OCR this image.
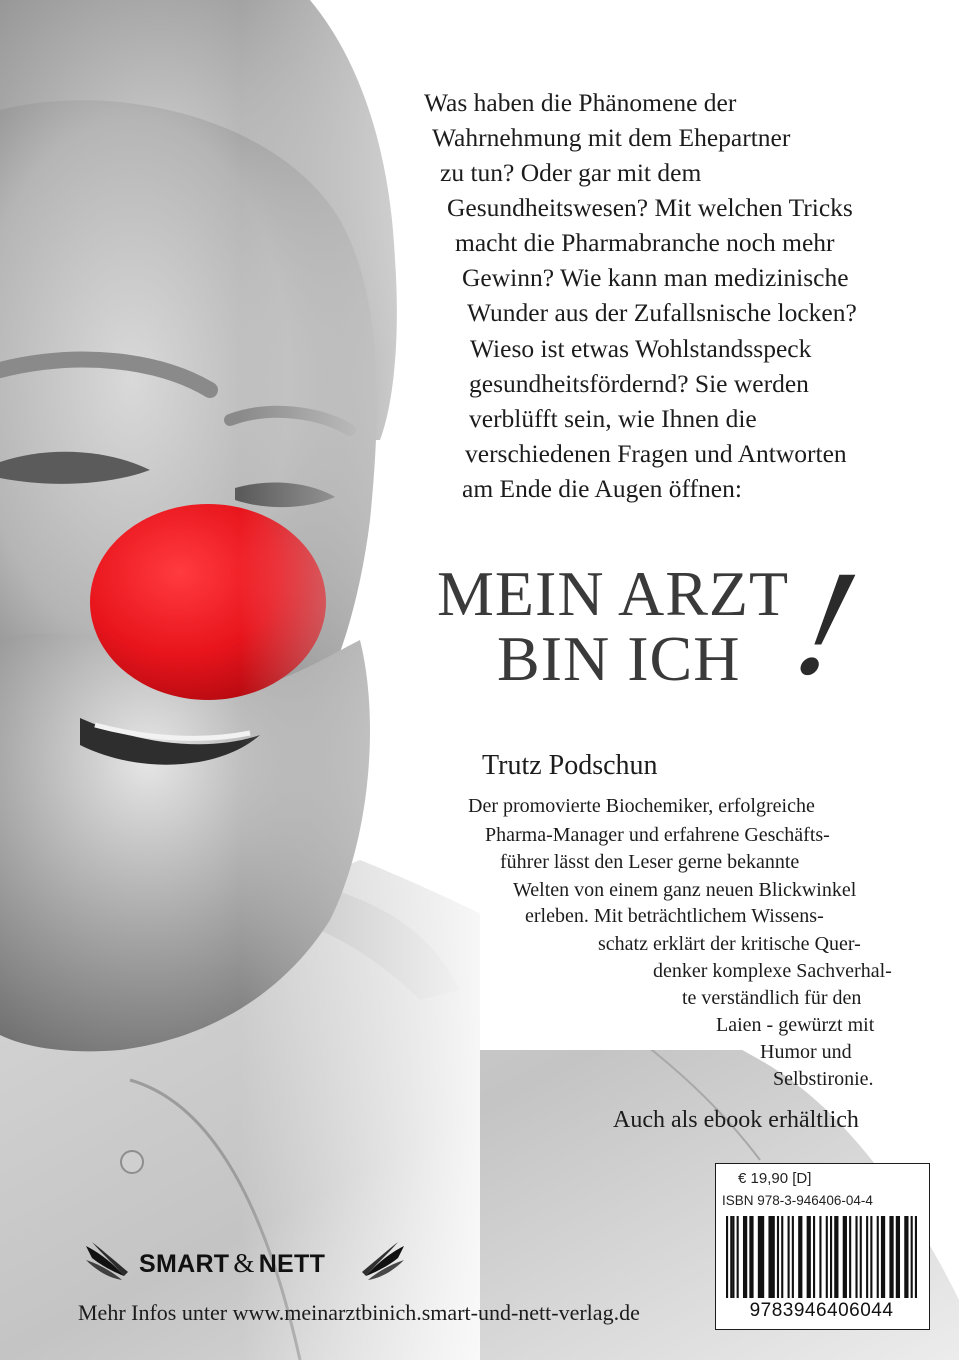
Was haben die Phänomene der
Wahrnehmung mit dem Ehepartner
zu tun? Oder gar mit dem
Gesundheitswesen? Mit welchen Tricks
macht die Pharmabranche noch mehr
Gewinn? Wie kann man medizinische
Wunder aus der Zufallsnische locken?
Wieso ist etwas Wohlstandsspeck
gesundheitsfördernd? Sie werden
verblüfft sein, wie Ihnen die
verschiedenen Fragen und Antworten
am Ende die Augen öffnen:
MEIN ARZT
BIN ICH !
Trutz Podschun
Der promovierte Biochemiker, erfolgreiche
Pharma-Manager und erfahrene Geschäfts-
führer lässt den Leser gerne bekannte
Welten von einem ganz neuen Blickwinkel
erleben. Mit beträchtlichem Wissens-
schatz erklärt der kritische Quer-
denker komplexe Sachverhal-
te verständlich für den
Laien - gewürzt mit
Humor und
Selbstironie.
Auch als ebook erhältlich
€ 19,90 [D]
ISBN 978-3-946406-04-4
9783946406044
SMART & NETT
Mehr Infos unter www.meinarztbinich.smart-und-nett-verlag.de
